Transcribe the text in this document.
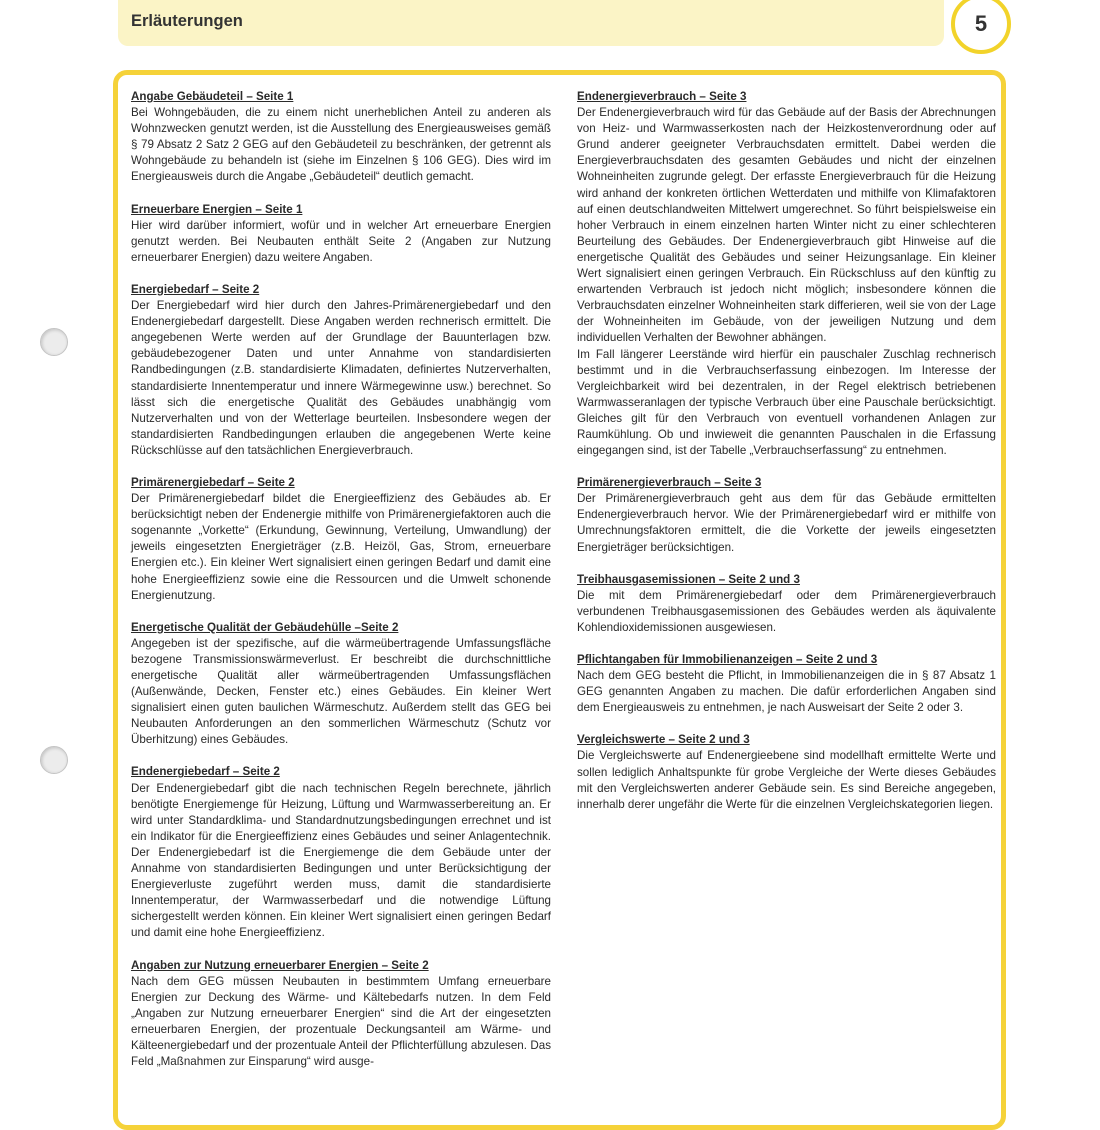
Erläuterungen	5
Angabe Gebäudeteil – Seite 1

Bei Wohngebäuden, die zu einem nicht unerheblichen Anteil zu anderen als Wohnzwecken genutzt werden, ist die Ausstellung des Energieausweises gemäß § 79 Absatz 2 Satz 2 GEG auf den Gebäudeteil zu beschränken, der getrennt als Wohngebäude zu behandeln ist (siehe im Einzelnen § 106 GEG). Dies wird im Energieausweis durch die Angabe „Gebäudeteil“ deutlich gemacht.

Erneuerbare Energien – Seite 1

Hier wird darüber informiert, wofür und in welcher Art erneuerbare Energien genutzt werden. Bei Neubauten enthält Seite 2 (Angaben zur Nutzung erneuerbarer Energien) dazu weitere Angaben.

Energiebedarf – Seite 2

Der Energiebedarf wird hier durch den Jahres-Primärenergiebedarf und den Endenergiebedarf dargestellt. Diese Angaben werden rechnerisch ermittelt. Die angegebenen Werte werden auf der Grundlage der Bauunterlagen bzw. gebäudebezogener Daten und unter Annahme von standardisierten Randbedingungen (z.B. standardisierte Klimadaten, definiertes Nutzerverhalten, standardisierte Innentemperatur und innere Wärmegewinne usw.) berechnet. So lässt sich die energetische Qualität des Gebäudes unabhängig vom Nutzerverhalten und von der Wetterlage beurteilen. Insbesondere wegen der standardisierten Randbedingungen erlauben die angegebenen Werte keine Rückschlüsse auf den tatsächlichen Energieverbrauch.

Primärenergiebedarf – Seite 2

Der Primärenergiebedarf bildet die Energieeffizienz des Gebäudes ab. Er berücksichtigt neben der Endenergie mithilfe von Primärenergiefaktoren auch die sogenannte „Vorkette“ (Erkundung, Gewinnung, Verteilung, Umwandlung) der jeweils eingesetzten Energieträger (z.B. Heizöl, Gas, Strom, erneuerbare Energien etc.). Ein kleiner Wert signalisiert einen geringen Bedarf und damit eine hohe Energieeffizienz sowie eine die Ressourcen und die Umwelt schonende Energienutzung.

Energetische Qualität der Gebäudehülle –Seite 2

Angegeben ist der spezifische, auf die wärmeübertragende Umfassungsfläche bezogene Transmissionswärmeverlust. Er beschreibt die durchschnittliche energetische Qualität aller wärmeübertragenden Umfassungsflächen (Außenwände, Decken, Fenster etc.) eines Gebäudes. Ein kleiner Wert signalisiert einen guten baulichen Wärmeschutz. Außerdem stellt das GEG bei Neubauten Anforderungen an den sommerlichen Wärmeschutz (Schutz vor Überhitzung) eines Gebäudes.

Endenergiebedarf – Seite 2

Der Endenergiebedarf gibt die nach technischen Regeln berechnete, jährlich benötigte Energiemenge für Heizung, Lüftung und Warmwasserbereitung an. Er wird unter Standardklima- und Standardnutzungsbedingungen errechnet und ist ein Indikator für die Energieeffizienz eines Gebäudes und seiner Anlagentechnik. Der Endenergiebedarf ist die Energiemenge die dem Gebäude unter der Annahme von standardisierten Bedingungen und unter Berücksichtigung der Energieverluste zugeführt werden muss, damit die standardisierte Innentemperatur, der Warmwasserbedarf und die notwendige Lüftung sichergestellt werden können. Ein kleiner Wert signalisiert einen geringen Bedarf und damit eine hohe Energieeffizienz.

Angaben zur Nutzung erneuerbarer Energien – Seite 2

Nach dem GEG müssen Neubauten in bestimmtem Umfang erneuerbare Energien zur Deckung des Wärme- und Kältebedarfs nutzen. In dem Feld „Angaben zur Nutzung erneuerbarer Energien“ sind die Art der eingesetzten erneuerbaren Energien, der prozentuale Deckungsanteil am Wärme- und Kälteenergiebedarf und der prozentuale Anteil der Pflichterfüllung abzulesen. Das Feld „Maßnahmen zur Einsparung“ wird ausge-

Endenergieverbrauch – Seite 3

Der Endenergieverbrauch wird für das Gebäude auf der Basis der Abrechnungen von Heiz- und Warmwasserkosten nach der Heizkostenverordnung oder auf Grund anderer geeigneter Verbrauchsdaten ermittelt. Dabei werden die Energieverbrauchsdaten des gesamten Gebäudes und nicht der einzelnen Wohneinheiten zugrunde gelegt. Der erfasste Energieverbrauch für die Heizung wird anhand der konkreten örtlichen Wetterdaten und mithilfe von Klimafaktoren auf einen deutschlandweiten Mittelwert umgerechnet. So führt beispielsweise ein hoher Verbrauch in einem einzelnen harten Winter nicht zu einer schlechteren Beurteilung des Gebäudes. Der Endenergieverbrauch gibt Hinweise auf die energetische Qualität des Gebäudes und seiner Heizungsanlage. Ein kleiner Wert signalisiert einen geringen Verbrauch. Ein Rückschluss auf den künftig zu erwartenden Verbrauch ist jedoch nicht möglich; insbesondere können die Verbrauchsdaten einzelner Wohneinheiten stark differieren, weil sie von der Lage der Wohneinheiten im Gebäude, von der jeweiligen Nutzung und dem individuellen Verhalten der Bewohner abhängen.

Im Fall längerer Leerstände wird hierfür ein pauschaler Zuschlag rechnerisch bestimmt und in die Verbrauchserfassung einbezogen. Im Interesse der Vergleichbarkeit wird bei dezentralen, in der Regel elektrisch betriebenen Warmwasseranlagen der typische Verbrauch über eine Pauschale berücksichtigt. Gleiches gilt für den Verbrauch von eventuell vorhandenen Anlagen zur Raumkühlung. Ob und inwieweit die genannten Pauschalen in die Erfassung eingegangen sind, ist der Tabelle „Verbrauchserfassung“ zu entnehmen.

Primärenergieverbrauch – Seite 3

Der Primärenergieverbrauch geht aus dem für das Gebäude ermittelten Endenergieverbrauch hervor. Wie der Primärenergiebedarf wird er mithilfe von Umrechnungsfaktoren ermittelt, die die Vorkette der jeweils eingesetzten Energieträger berücksichtigen.

Treibhausgasemissionen – Seite 2 und 3

Die mit dem Primärenergiebedarf oder dem Primärenergieverbrauch verbundenen Treibhausgasemissionen des Gebäudes werden als äquivalente Kohlendioxidemissionen ausgewiesen.

Pflichtangaben für Immobilienanzeigen – Seite 2 und 3

Nach dem GEG besteht die Pflicht, in Immobilienanzeigen die in § 87 Absatz 1 GEG genannten Angaben zu machen. Die dafür erforderlichen Angaben sind dem Energieausweis zu entnehmen, je nach Ausweisart der Seite 2 oder 3.

Vergleichswerte – Seite 2 und 3

Die Vergleichswerte auf Endenergieebene sind modellhaft ermittelte Werte und sollen lediglich Anhaltspunkte für grobe Vergleiche der Werte dieses Gebäudes mit den Vergleichswerten anderer Gebäude sein. Es sind Bereiche angegeben, innerhalb derer ungefähr die Werte für die einzelnen Vergleichskategorien liegen.
